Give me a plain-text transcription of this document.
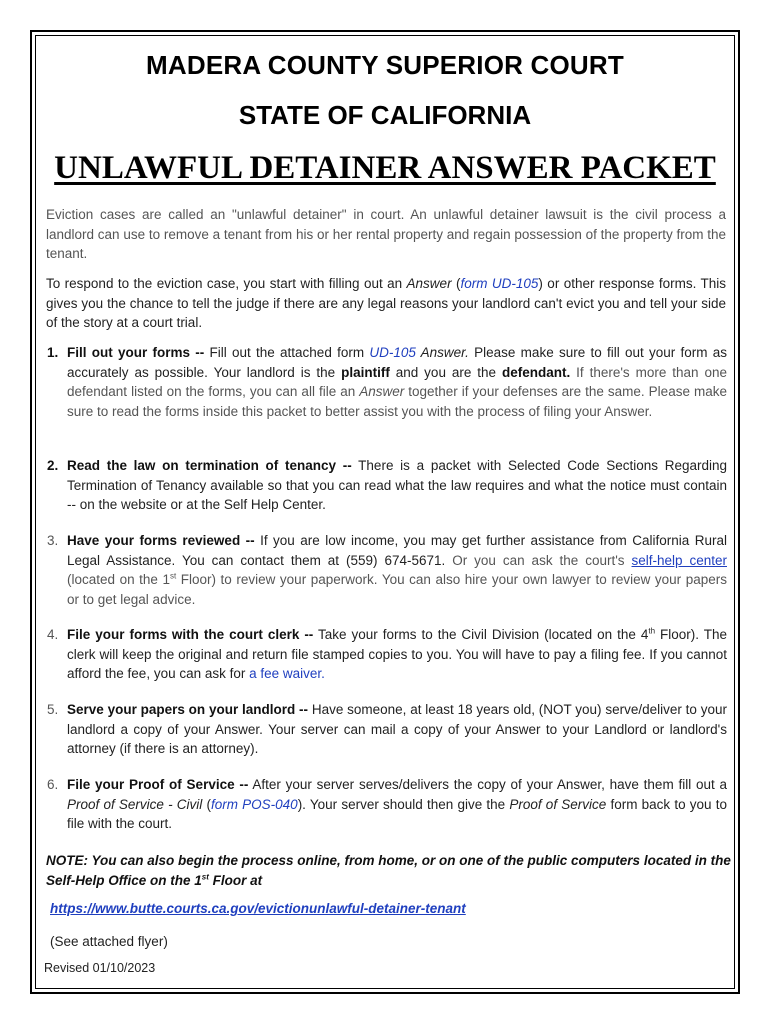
MADERA COUNTY SUPERIOR COURT
STATE OF CALIFORNIA
UNLAWFUL DETAINER ANSWER PACKET
Eviction cases are called an "unlawful detainer" in court. An unlawful detainer lawsuit is the civil process a landlord can use to remove a tenant from his or her rental property and regain possession of the property from the tenant.
To respond to the eviction case, you start with filling out an Answer (form UD-105) or other response forms. This gives you the chance to tell the judge if there are any legal reasons your landlord can't evict you and tell your side of the story at a court trial.
1. Fill out your forms -- Fill out the attached form UD-105 Answer. Please make sure to fill out your form as accurately as possible. Your landlord is the plaintiff and you are the defendant. If there's more than one defendant listed on the forms, you can all file an Answer together if your defenses are the same. Please make sure to read the forms inside this packet to better assist you with the process of filing your Answer.
2. Read the law on termination of tenancy -- There is a packet with Selected Code Sections Regarding Termination of Tenancy available so that you can read what the law requires and what the notice must contain -- on the website or at the Self Help Center.
3. Have your forms reviewed -- If you are low income, you may get further assistance from California Rural Legal Assistance. You can contact them at (559) 674-5671. Or you can ask the court's self-help center (located on the 1st Floor) to review your paperwork. You can also hire your own lawyer to review your papers or to get legal advice.
4. File your forms with the court clerk -- Take your forms to the Civil Division (located on the 4th Floor). The clerk will keep the original and return file stamped copies to you. You will have to pay a filing fee. If you cannot afford the fee, you can ask for a fee waiver.
5. Serve your papers on your landlord -- Have someone, at least 18 years old, (NOT you) serve/deliver to your landlord a copy of your Answer. Your server can mail a copy of your Answer to your Landlord or landlord's attorney (if there is an attorney).
6. File your Proof of Service -- After your server serves/delivers the copy of your Answer, have them fill out a Proof of Service - Civil (form POS-040). Your server should then give the Proof of Service form back to you to file with the court.
NOTE: You can also begin the process online, from home, or on one of the public computers located in the Self-Help Office on the 1st Floor at
https://www.butte.courts.ca.gov/evictionunlawful-detainer-tenant
(See attached flyer)
Revised 01/10/2023
